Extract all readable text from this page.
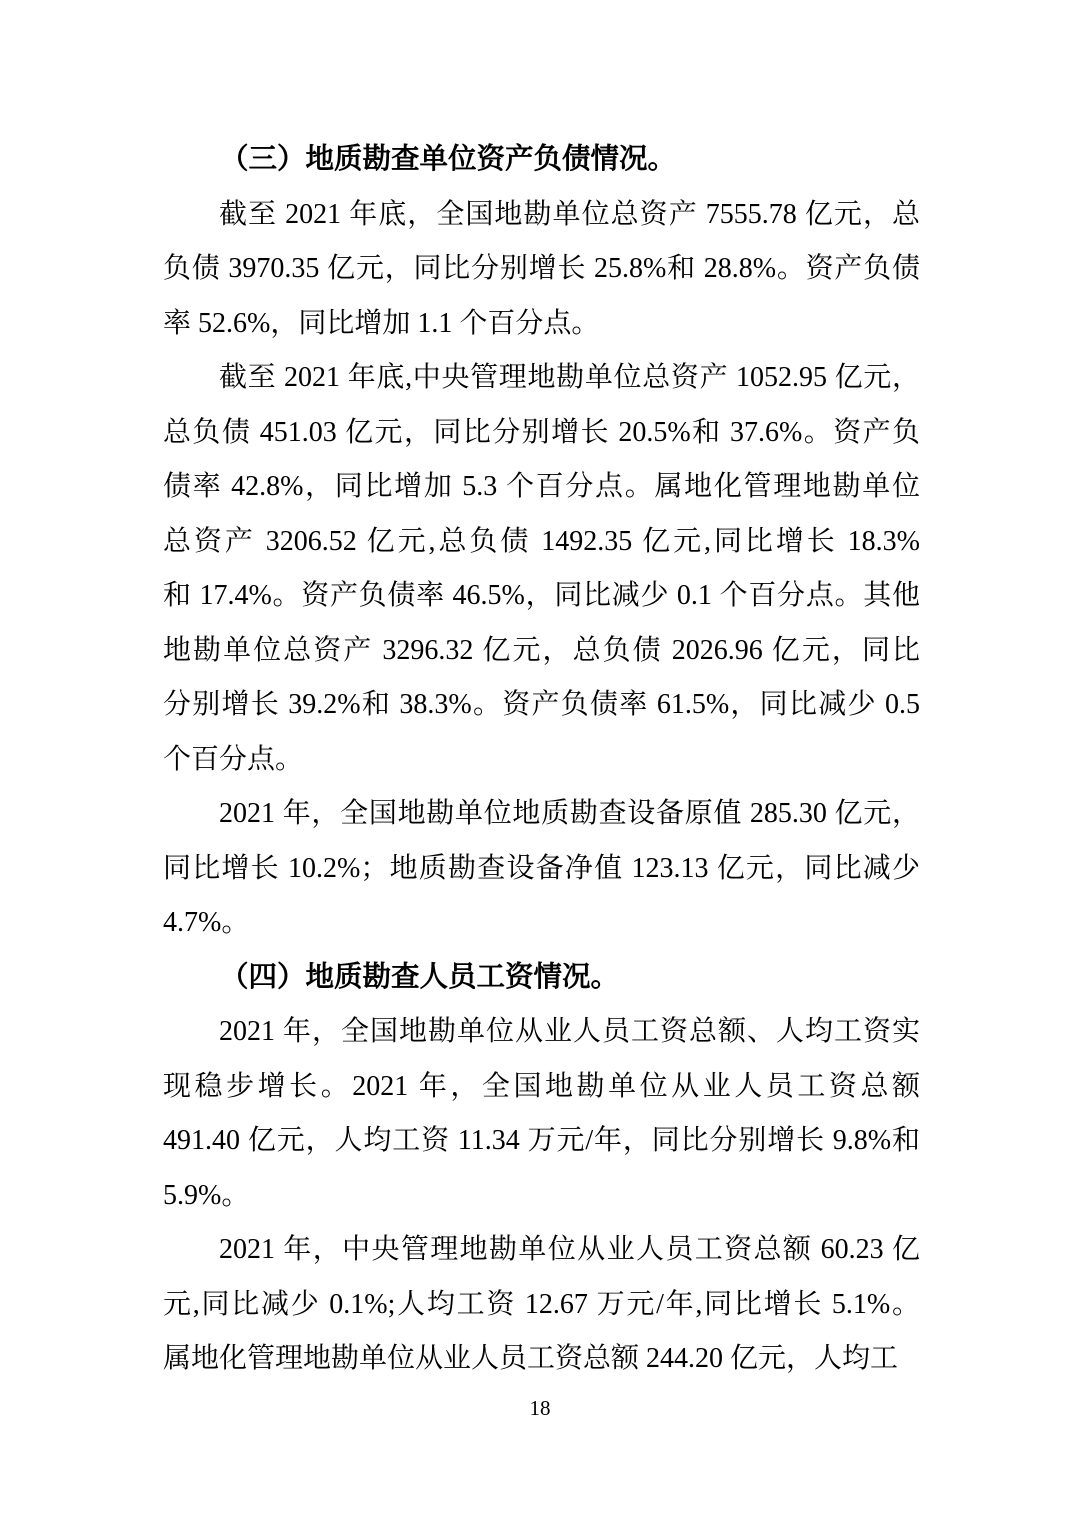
（三）地质勘查单位资产负债情况。
截至 2021 年底，全国地勘单位总资产 7555.78 亿元，总
负债 3970.35 亿元，同比分别增长 25.8%和 28.8%。资产负债
率 52.6%，同比增加 1.1 个百分点。
截至 2021 年底,中央管理地勘单位总资产 1052.95 亿元，
总负债 451.03 亿元，同比分别增长 20.5%和 37.6%。资产负
债率 42.8%，同比增加 5.3 个百分点。属地化管理地勘单位
总资产 3206.52 亿元,总负债 1492.35 亿元,同比增长 18.3%
和 17.4%。资产负债率 46.5%，同比减少 0.1 个百分点。其他
地勘单位总资产 3296.32 亿元，总负债 2026.96 亿元，同比
分别增长 39.2%和 38.3%。资产负债率 61.5%，同比减少 0.5
个百分点。
2021 年，全国地勘单位地质勘查设备原值 285.30 亿元，
同比增长 10.2%；地质勘查设备净值 123.13 亿元，同比减少
4.7%。
（四）地质勘查人员工资情况。
2021 年，全国地勘单位从业人员工资总额、人均工资实
现稳步增长。2021 年，全国地勘单位从业人员工资总额
491.40 亿元，人均工资 11.34 万元/年，同比分别增长 9.8%和
5.9%。
2021 年，中央管理地勘单位从业人员工资总额 60.23 亿
元,同比减少 0.1%;人均工资 12.67 万元/年,同比增长 5.1%。
属地化管理地勘单位从业人员工资总额 244.20 亿元，人均工
18
